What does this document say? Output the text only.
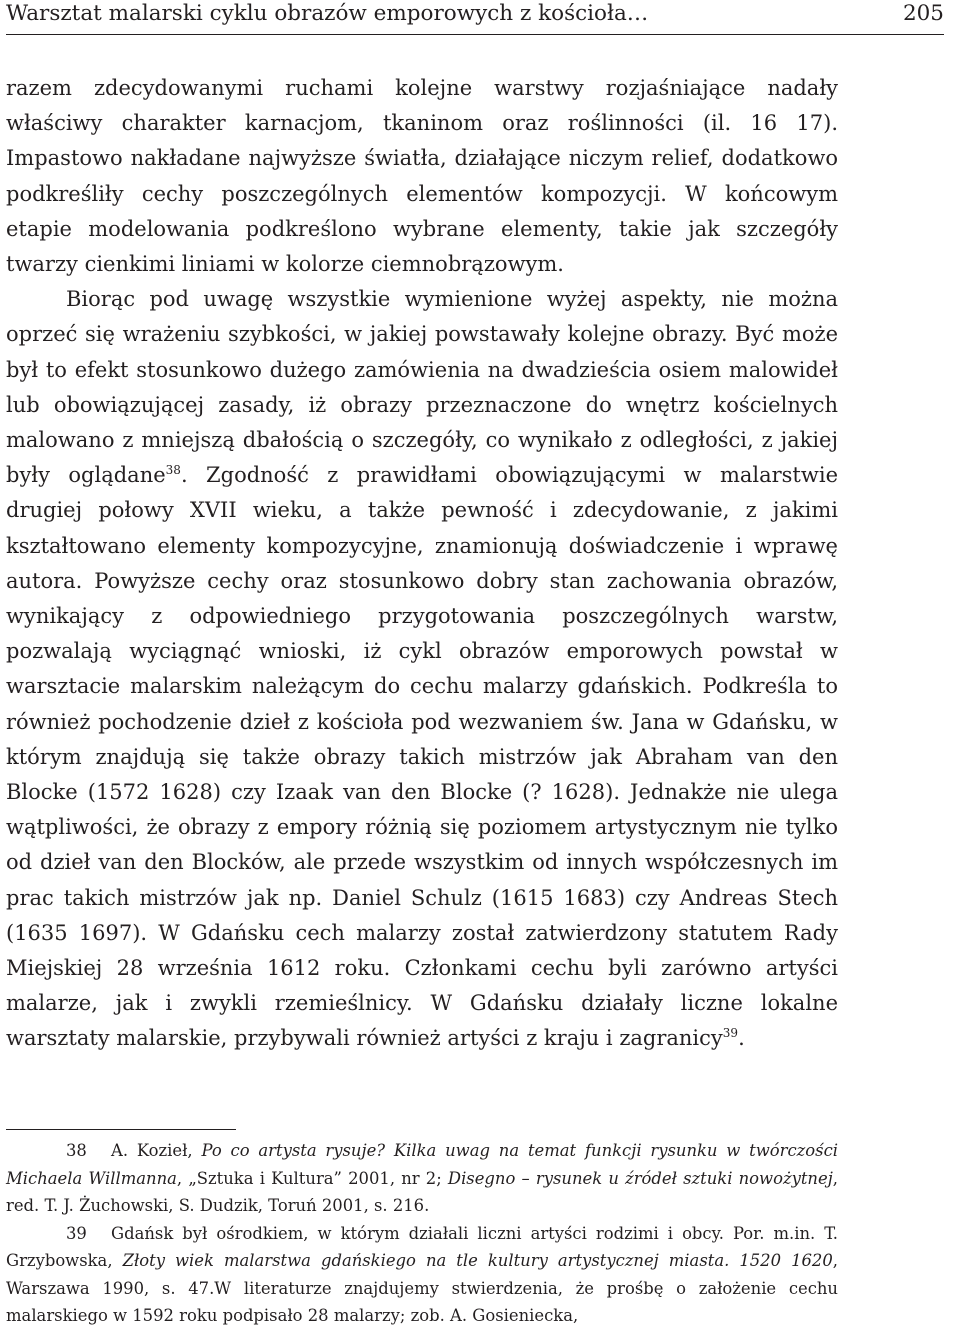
Warsztat malarski cyklu obrazów emporowych z kościoła…	205

razem zdecydowanymi ruchami kolejne warstwy rozjaśniające nadały właściwy charakter karnacjom, tkaninom oraz roślinności (il. 16 17). Impastowo nakładane najwyższe światła, działające niczym relief, dodatkowo podkreśliły cechy poszczególnych elementów kompozycji. W końcowym etapie modelowania podkreślono wybrane elementy, takie jak szczegóły twarzy cienkimi liniami w kolorze ciemnobrązowym.

Biorąc pod uwagę wszystkie wymienione wyżej aspekty, nie można oprzeć się wrażeniu szybkości, w jakiej powstawały kolejne obrazy. Być może był to efekt stosunkowo dużego zamówienia na dwadzieścia osiem malowideł lub obowiązującej zasady, iż obrazy przeznaczone do wnętrz kościelnych malowano z mniejszą dbałością o szczegóły, co wynikało z odległości, z jakiej były oglądane$^{38}$. Zgodność z prawidłami obowiązującymi w malarstwie drugiej połowy XVII wieku, a także pewność i zdecydowanie, z jakimi kształtowano elementy kompozycyjne, znamionują doświadczenie i wprawę autora. Powyższe cechy oraz stosunkowo dobry stan zachowania obrazów, wynikający z odpowiedniego przygotowania poszczególnych warstw, pozwalają wyciągnąć wnioski, iż cykl obrazów emporowych powstał w warsztacie malarskim należącym do cechu malarzy gdańskich. Podkreśla to również pochodzenie dzieł z kościoła pod wezwaniem św. Jana w Gdańsku, w którym znajdują się także obrazy takich mistrzów jak Abraham van den Blocke (1572 1628) czy Izaak van den Blocke (? 1628). Jednakże nie ulega wątpliwości, że obrazy z empory różnią się poziomem artystycznym nie tylko od dzieł van den Blocków, ale przede wszystkim od innych współczesnych im prac takich mistrzów jak np. Daniel Schulz (1615 1683) czy Andreas Stech (1635 1697). W Gdańsku cech malarzy został zatwierdzony statutem Rady Miejskiej 28 września 1612 roku. Członkami cechu byli zarówno artyści malarze, jak i zwykli rzemieślnicy. W Gdańsku działały liczne lokalne warsztaty malarskie, przybywali również artyści z kraju i zagranicy$^{39}$.

38 A. Kozieł, Po co artysta rysuje? Kilka uwag na temat funkcji rysunku w twórczości Michaela Willmanna, „Sztuka i Kultura” 2001, nr 2; Disegno – rysunek u źródeł sztuki nowożytnej, red. T. J. Żuchowski, S. Dudzik, Toruń 2001, s. 216.

39 Gdańsk był ośrodkiem, w którym działali liczni artyści rodzimi i obcy. Por. m.in. T. Grzybowska, Złoty wiek malarstwa gdańskiego na tle kultury artystycznej miasta. 1520 1620, Warszawa 1990, s. 47.W literaturze znajdujemy stwierdzenia, że prośbę o założenie cechu malarskiego w 1592 roku podpisało 28 malarzy; zob. A. Gosieniecka,
